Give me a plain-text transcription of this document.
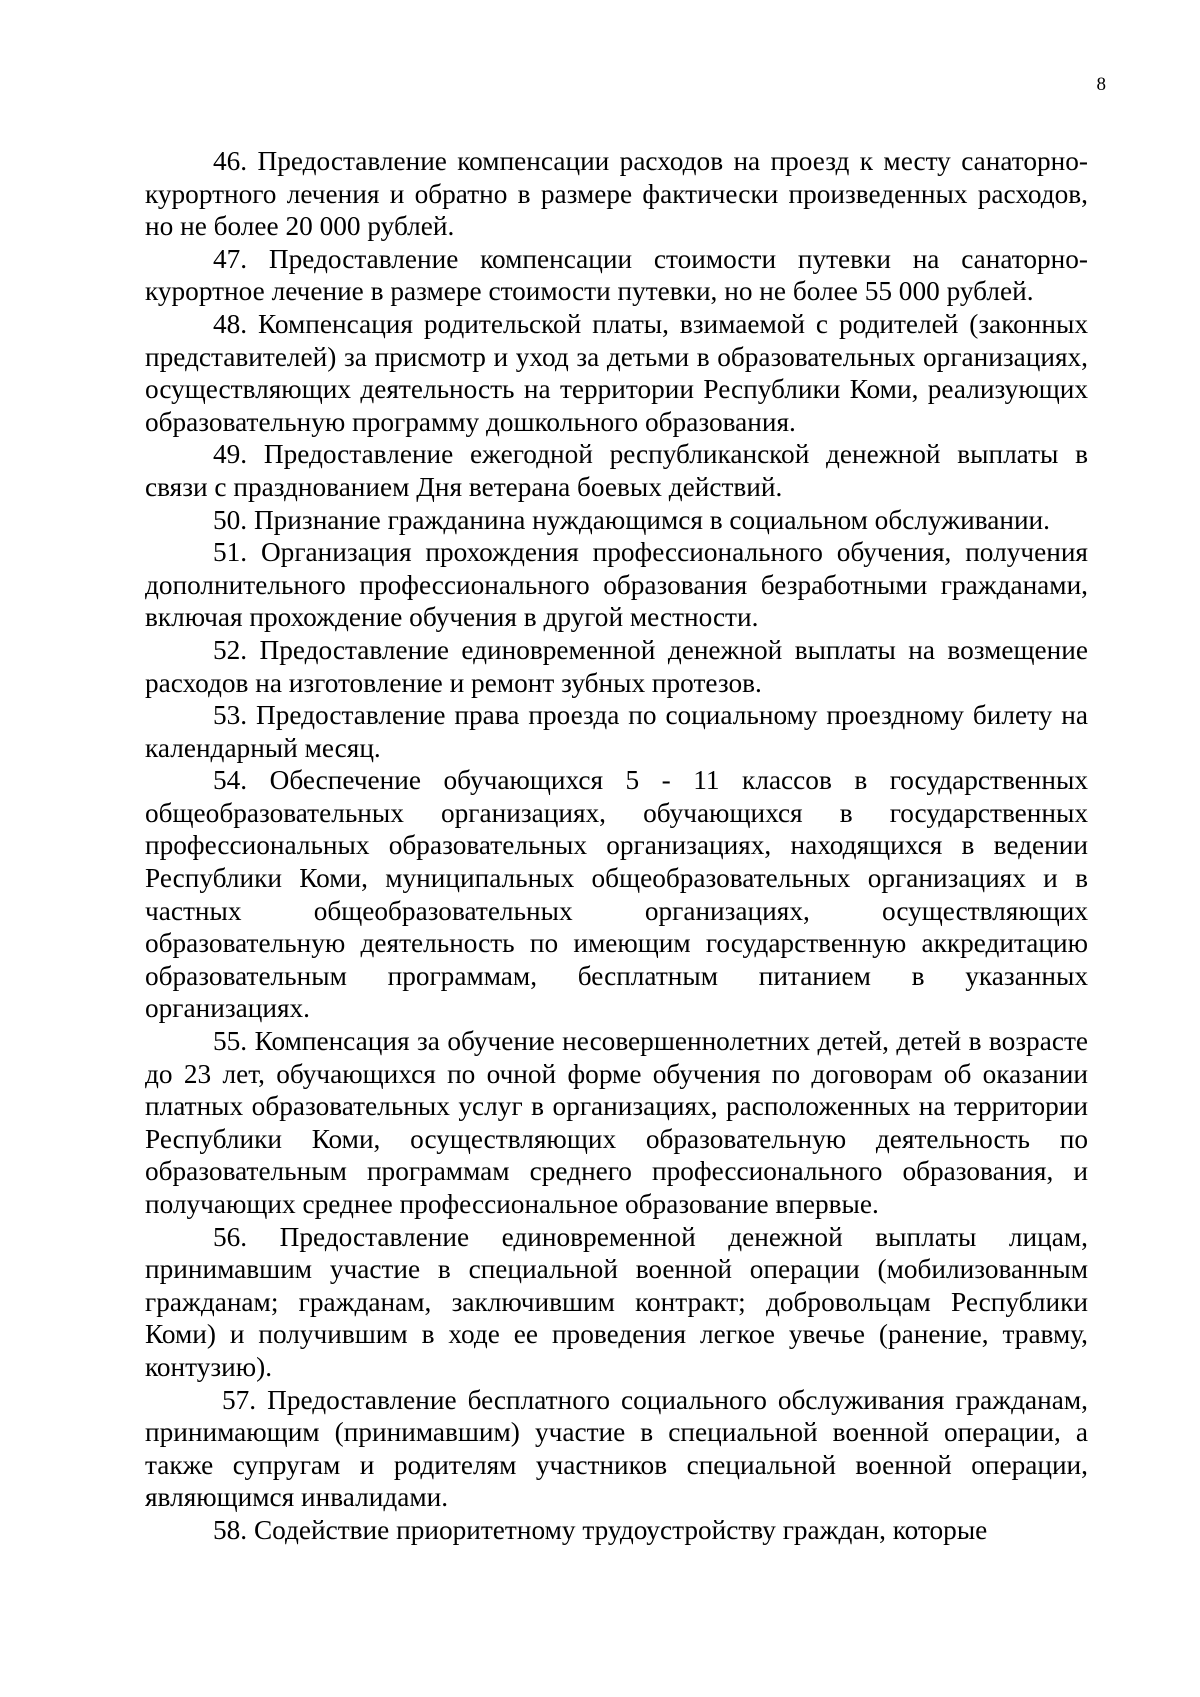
8

46. Предоставление компенсации расходов на проезд к месту санаторно-курортного лечения и обратно в размере фактически произведенных расходов, но не более 20 000 рублей.

47. Предоставление компенсации стоимости путевки на санаторно-курортное лечение в размере стоимости путевки, но не более 55 000 рублей.

48. Компенсация родительской платы, взимаемой с родителей (законных представителей) за присмотр и уход за детьми в образовательных организациях, осуществляющих деятельность на территории Республики Коми, реализующих образовательную программу дошкольного образования.

49. Предоставление ежегодной республиканской денежной выплаты в связи с празднованием Дня ветерана боевых действий.

50. Признание гражданина нуждающимся в социальном обслуживании.

51. Организация прохождения профессионального обучения, получения дополнительного профессионального образования безработными гражданами, включая прохождение обучения в другой местности.

52. Предоставление единовременной денежной выплаты на возмещение расходов на изготовление и ремонт зубных протезов.

53. Предоставление права проезда по социальному проездному билету на календарный месяц.

54. Обеспечение обучающихся 5 - 11 классов в государственных общеобразовательных организациях, обучающихся в государственных профессиональных образовательных организациях, находящихся в ведении Республики Коми, муниципальных общеобразовательных организациях и в частных общеобразовательных организациях, осуществляющих образовательную деятельность по имеющим государственную аккредитацию образовательным программам, бесплатным питанием в указанных организациях.

55. Компенсация за обучение несовершеннолетних детей, детей в возрасте до 23 лет, обучающихся по очной форме обучения по договорам об оказании платных образовательных услуг в организациях, расположенных на территории Республики Коми, осуществляющих образовательную деятельность по образовательным программам среднего профессионального образования, и получающих среднее профессиональное образование впервые.

56. Предоставление единовременной денежной выплаты лицам, принимавшим участие в специальной военной операции (мобилизованным гражданам; гражданам, заключившим контракт; добровольцам Республики Коми) и получившим в ходе ее проведения легкое увечье (ранение, травму, контузию).

57. Предоставление бесплатного социального обслуживания гражданам, принимающим (принимавшим) участие в специальной военной операции, а также супругам и родителям участников специальной военной операции, являющимся инвалидами.

58. Содействие приоритетному трудоустройству граждан, которые
